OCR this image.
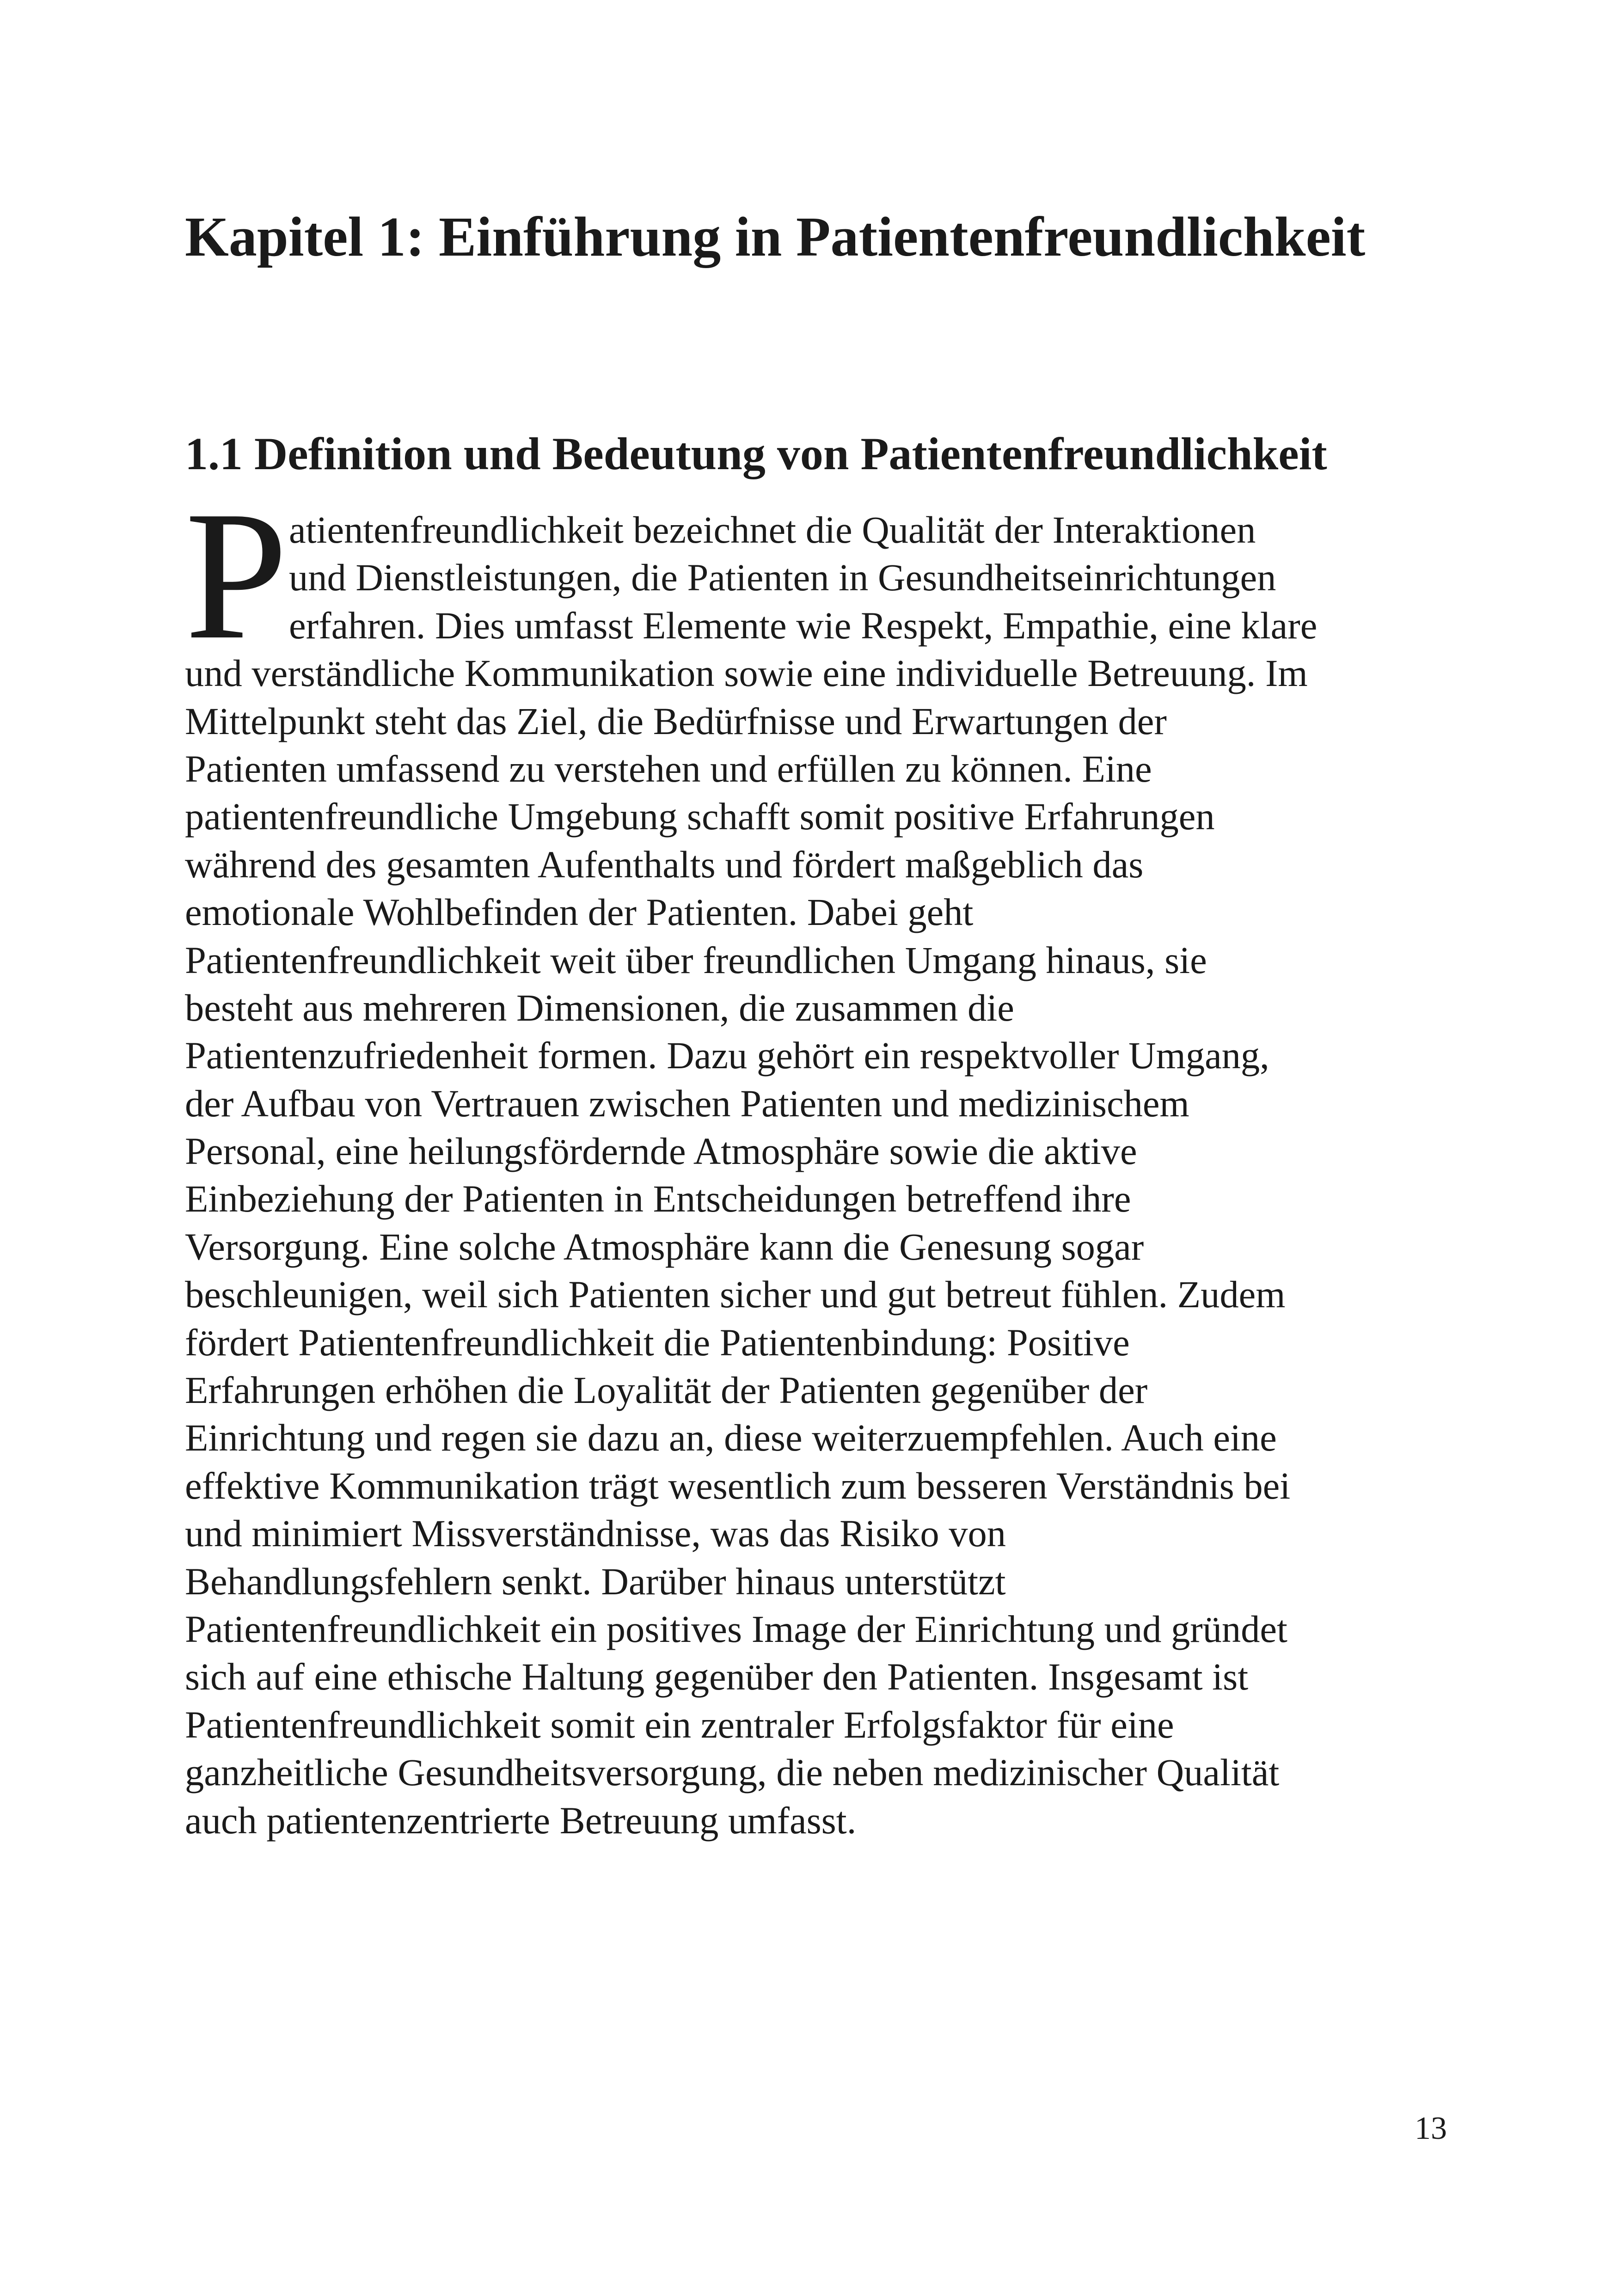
Kapitel 1: Einführung in Patientenfreundlichkeit
1.1 Definition und Bedeutung von Patientenfreundlichkeit
P atientenfreundlichkeit bezeichnet die Qualität der Interaktionen
und Dienstleistungen, die Patienten in Gesundheitseinrichtungen
erfahren. Dies umfasst Elemente wie Respekt, Empathie, eine klare
und verständliche Kommunikation sowie eine individuelle Betreuung. Im
Mittelpunkt steht das Ziel, die Bedürfnisse und Erwartungen der
Patienten umfassend zu verstehen und erfüllen zu können. Eine
patientenfreundliche Umgebung schafft somit positive Erfahrungen
während des gesamten Aufenthalts und fördert maßgeblich das
emotionale Wohlbefinden der Patienten. Dabei geht
Patientenfreundlichkeit weit über freundlichen Umgang hinaus, sie
besteht aus mehreren Dimensionen, die zusammen die
Patientenzufriedenheit formen. Dazu gehört ein respektvoller Umgang,
der Aufbau von Vertrauen zwischen Patienten und medizinischem
Personal, eine heilungsfördernde Atmosphäre sowie die aktive
Einbeziehung der Patienten in Entscheidungen betreffend ihre
Versorgung. Eine solche Atmosphäre kann die Genesung sogar
beschleunigen, weil sich Patienten sicher und gut betreut fühlen. Zudem
fördert Patientenfreundlichkeit die Patientenbindung: Positive
Erfahrungen erhöhen die Loyalität der Patienten gegenüber der
Einrichtung und regen sie dazu an, diese weiterzuempfehlen. Auch eine
effektive Kommunikation trägt wesentlich zum besseren Verständnis bei
und minimiert Missverständnisse, was das Risiko von
Behandlungsfehlern senkt. Darüber hinaus unterstützt
Patientenfreundlichkeit ein positives Image der Einrichtung und gründet
sich auf eine ethische Haltung gegenüber den Patienten. Insgesamt ist
Patientenfreundlichkeit somit ein zentraler Erfolgsfaktor für eine
ganzheitliche Gesundheitsversorgung, die neben medizinischer Qualität
auch patientenzentrierte Betreuung umfasst.
13
